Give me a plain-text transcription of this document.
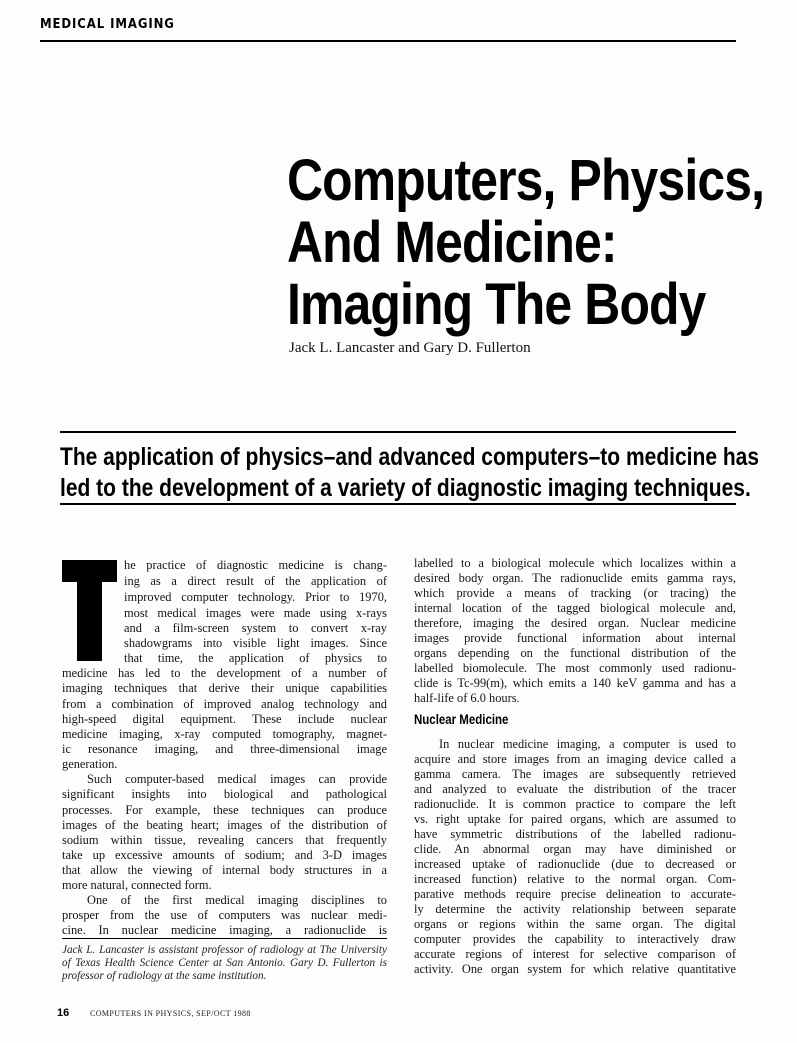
MEDICAL IMAGING
Computers, Physics,
And Medicine:
Imaging The Body
Jack L. Lancaster and Gary D. Fullerton
The application of physics–and advanced computers–to medicine has
led to the development of a variety of diagnostic imaging techniques.
he practice of diagnostic medicine is chang-
ing as a direct result of the application of
improved computer technology. Prior to 1970,
most medical images were made using x-rays
and a film-screen system to convert x-ray
shadowgrams into visible light images. Since
that time, the application of physics to
medicine has led to the development of a number of
imaging techniques that derive their unique capabilities
from a combination of improved analog technology and
high-speed digital equipment. These include nuclear
medicine imaging, x-ray computed tomography, magnet-
ic resonance imaging, and three-dimensional image
generation.
Such computer-based medical images can provide
significant insights into biological and pathological
processes. For example, these techniques can produce
images of the beating heart; images of the distribution of
sodium within tissue, revealing cancers that frequently
take up excessive amounts of sodium; and 3-D images
that allow the viewing of internal body structures in a
more natural, connected form.
One of the first medical imaging disciplines to
prosper from the use of computers was nuclear medi-
cine. In nuclear medicine imaging, a radionuclide is
Jack L. Lancaster is assistant professor of radiology at The University
of Texas Health Science Center at San Antonio. Gary D. Fullerton is
professor of radiology at the same institution.
labelled to a biological molecule which localizes within a
desired body organ. The radionuclide emits gamma rays,
which provide a means of tracking (or tracing) the
internal location of the tagged biological molecule and,
therefore, imaging the desired organ. Nuclear medicine
images provide functional information about internal
organs depending on the functional distribution of the
labelled biomolecule. The most commonly used radionu-
clide is Tc-99(m), which emits a 140 keV gamma and has a
half-life of 6.0 hours.
Nuclear Medicine
In nuclear medicine imaging, a computer is used to
acquire and store images from an imaging device called a
gamma camera. The images are subsequently retrieved
and analyzed to evaluate the distribution of the tracer
radionuclide. It is common practice to compare the left
vs. right uptake for paired organs, which are assumed to
have symmetric distributions of the labelled radionu-
clide. An abnormal organ may have diminished or
increased uptake of radionuclide (due to decreased or
increased function) relative to the normal organ. Com-
parative methods require precise delineation to accurate-
ly determine the activity relationship between separate
organs or regions within the same organ. The digital
computer provides the capability to interactively draw
accurate regions of interest for selective comparison of
activity. One organ system for which relative quantitative
16	COMPUTERS IN PHYSICS, SEP/OCT 1988
